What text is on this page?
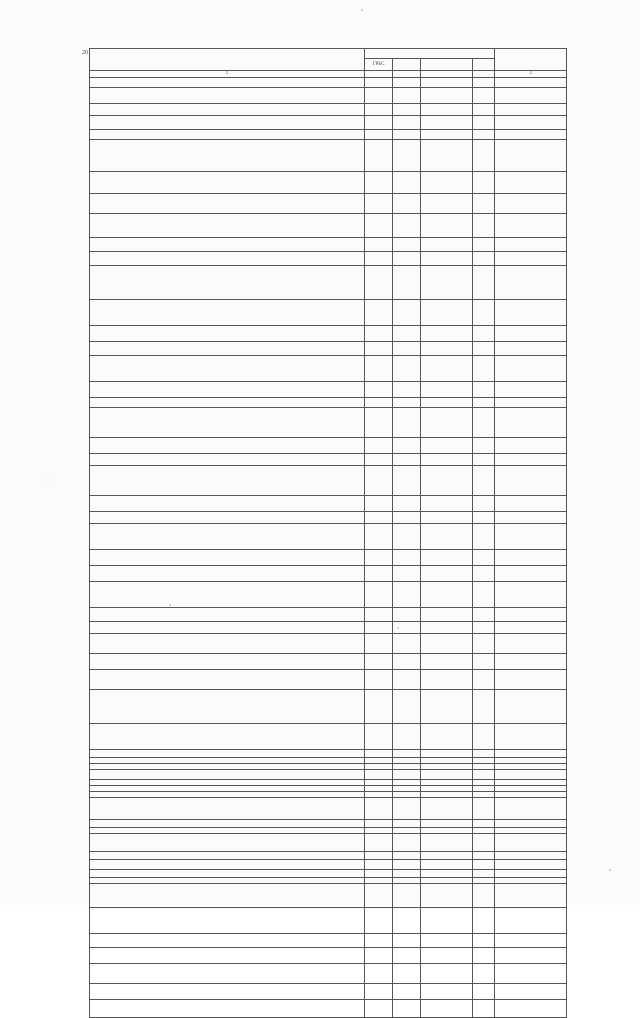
20

	ГРБС				
1					3
